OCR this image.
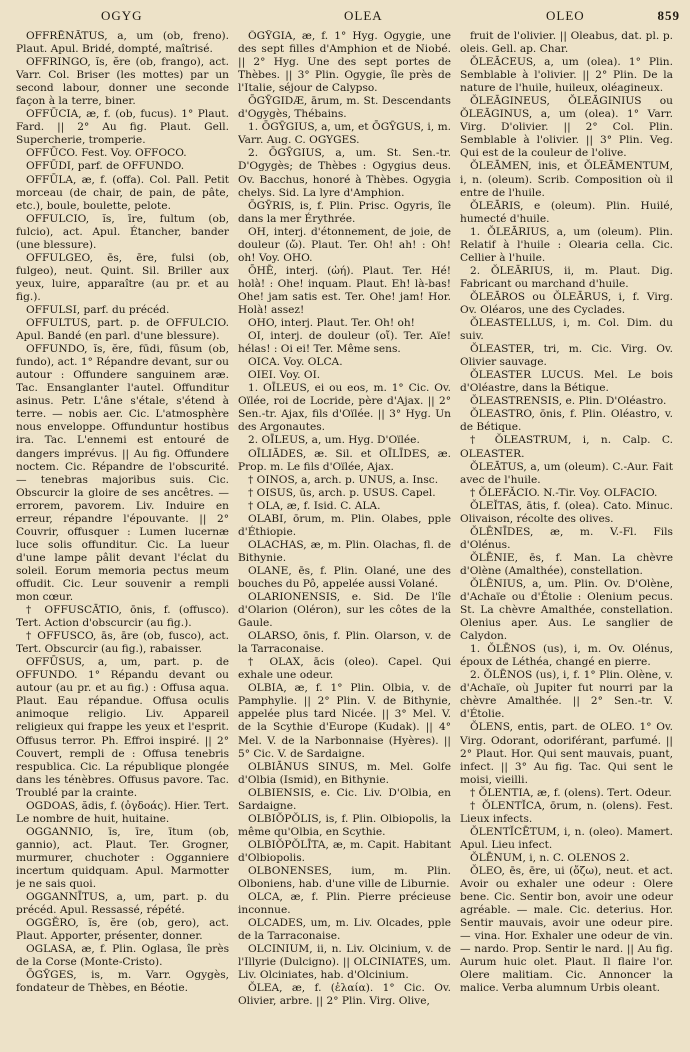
OGYG	OLEA	OLEO	859

OFFRĒNĀTUS, a, um (ob, freno). Plaut. Apul. Bridé, dompté, maîtrisé.

OFFRINGO, ĭs, ĕre (ob, frango), act. Varr. Col. Briser (les mottes) par un second labour, donner une seconde façon à la terre, biner.

OFFŪCIA, æ, f. (ob, fucus). 1° Plaut. Fard. || 2° Au fig. Plaut. Gell. Supercherie, tromperie.

OFFŪCO. Fest. Voy. OFFOCO.

OFFŪDI, parf. de OFFUNDO.

OFFŪLA, æ, f. (offa). Col. Pall. Petit morceau (de chair, de pain, de pâte, etc.), boule, boulette, pelote.

OFFULCIO, ĭs, īre, fultum (ob, fulcio), act. Apul. Étancher, bander (une blessure).

OFFULGEO, ēs, ēre, fulsi (ob, fulgeo), neut. Quint. Sil. Briller aux yeux, luire, apparaître (au pr. et au fig.).

OFFULSI, parf. du précéd.

OFFULTUS, part. p. de OFFULCIO. Apul. Bandé (en parl. d'une blessure).

OFFUNDO, ĭs, ĕre, fūdi, fūsum (ob, fundo), act. 1° Répandre devant, sur ou autour : Offundere sanguinem aræ. Tac. Ensanglanter l'autel. Offunditur asinus. Petr. L'âne s'étale, s'étend à terre. — nobis aer. Cic. L'atmosphère nous enveloppe. Offunduntur hostibus ira. Tac. L'ennemi est entouré de dangers imprévus. || Au fig. Offundere noctem. Cic. Répandre de l'obscurité. — tenebras majoribus suis. Cic. Obscurcir la gloire de ses ancêtres. — errorem, pavorem. Liv. Induire en erreur, répandre l'épouvante. || 2° Couvrir, offusquer : Lumen lucernæ luce solis offunditur. Cic. La lueur d'une lampe pâlit devant l'éclat du soleil. Eorum memoria pectus meum offudit. Cic. Leur souvenir a rempli mon cœur.

† OFFUSCĀTIO, ōnis, f. (offusco). Tert. Action d'obscurcir (au fig.).

† OFFUSCO, ās, āre (ob, fusco), act. Tert. Obscurcir (au fig.), rabaisser.

OFFŪSUS, a, um, part. p. de OFFUNDO. 1° Répandu devant ou autour (au pr. et au fig.) : Offusa aqua. Plaut. Eau répandue. Offusa oculis animoque religio. Liv. Appareil religieux qui frappe les yeux et l'esprit. Offusus terror. Ph. Effroi inspiré. || 2° Couvert, rempli de : Offusa tenebris respublica. Cic. La république plongée dans les ténèbres. Offusus pavore. Tac. Troublé par la crainte.

OGDOAS, ădis, f. (ὀγδοάς). Hier. Tert. Le nombre de huit, huitaine.

OGGANNIO, īs, īre, ītum (ob, gannio), act. Plaut. Ter. Grogner, murmurer, chuchoter : Ogganniere incertum quidquam. Apul. Marmotter je ne sais quoi.

OGGANNĪTUS, a, um, part. p. du précéd. Apul. Ressassé, répété.

OGGĔRO, ĭs, ĕre (ob, gero), act. Plaut. Apporter, présenter, donner.

OGLASA, æ, f. Plin. Oglasa, île près de la Corse (Monte-Cristo).

ŌGȲGES, is, m. Varr. Ogygès, fondateur de Thèbes, en Béotie.

ŌGȲGIA, æ, f. 1° Hyg. Ogygie, une des sept filles d'Amphion et de Niobé. || 2° Hyg. Une des sept portes de Thèbes. || 3° Plin. Ogygie, île près de l'Italie, séjour de Calypso.

ŌGȲGIDÆ, ārum, m. St. Descendants d'Ogygès, Thébains.

1. ŌGȲGIUS, a, um, et ŌGȲGUS, i, m. Varr. Aug. C. OGYGES.

2. ŌGȲGIUS, a, um. St. Sen.-tr. D'Ogygès; de Thèbes : Ogygius deus. Ov. Bacchus, honoré à Thèbes. Ogygia chelys. Sid. La lyre d'Amphion.

ŌGȲRIS, is, f. Plin. Prisc. Ogyris, île dans la mer Érythrée.

OH, interj. d'étonnement, de joie, de douleur (ὤ). Plaut. Ter. Oh! ah! : Oh! oh! Voy. OHO.

ŌHĒ, interj. (ὠή). Plaut. Ter. Hé! holà! : Ohe! inquam. Plaut. Eh! là-bas! Ohe! jam satis est. Ter. Ohe! jam! Hor. Holà! assez!

OHO, interj. Plaut. Ter. Oh! oh!

OI, interj. de douleur (οἴ). Ter. Aïe! hélas! : Oi ei! Ter. Même sens.

OICA. Voy. OLCA.

OIEI. Voy. OI.

1. OĪLEUS, ei ou eos, m. 1° Cic. Ov. Oïlée, roi de Locride, père d'Ajax. || 2° Sen.-tr. Ajax, fils d'Oïlée. || 3° Hyg. Un des Argonautes.

2. OĪLEUS, a, um. Hyg. D'Oïlée.

OĪLIĀDES, æ. Sil. et OĪLĪDES, æ. Prop. m. Le fils d'Oïlée, Ajax.

† OINOS, a, arch. p. UNUS, a. Insc.

† OISUS, ūs, arch. p. USUS. Capel.

† OLA, æ, f. Isid. C. ALA.

OLABI, ōrum, m. Plin. Olabes, pple d'Éthiopie.

OLACHAS, æ, m. Plin. Olachas, fl. de Bithynie.

OLANE, ēs, f. Plin. Olané, une des bouches du Pô, appelée aussi Volané.

OLARIONENSIS, e. Sid. De l'île d'Olarion (Oléron), sur les côtes de la Gaule.

OLARSO, ōnis, f. Plin. Olarson, v. de la Tarraconaise.

† OLAX, ācis (oleo). Capel. Qui exhale une odeur.

OLBIA, æ, f. 1° Plin. Olbia, v. de Pamphylie. || 2° Plin. V. de Bithynie, appelée plus tard Nicée. || 3° Mel. V. de la Scythie d'Europe (Kudak). || 4° Mel. V. de la Narbonnaise (Hyères). || 5° Cic. V. de Sardaigne.

OLBIĀNUS SINUS, m. Mel. Golfe d'Olbia (Ismid), en Bithynie.

OLBIENSIS, e. Cic. Liv. D'Olbia, en Sardaigne.

OLBIŎPŎLIS, is, f. Plin. Olbiopolis, la même qu'Olbia, en Scythie.

OLBIŎPŎLĪTA, æ, m. Capit. Habitant d'Olbiopolis.

OLBONENSES, ium, m. Plin. Olboniens, hab. d'une ville de Liburnie.

OLCA, æ, f. Plin. Pierre précieuse inconnue.

OLCADES, um, m. Liv. Olcades, pple de la Tarraconaise.

OLCINIUM, ii, n. Liv. Olcinium, v. de l'Illyrie (Dulcigno). || OLCINIATES, um. Liv. Olciniates, hab. d'Olcinium.

ŎLEA, æ, f. (ἐλαία). 1° Cic. Ov. Olivier, arbre. || 2° Plin. Virg. Olive,

fruit de l'olivier. || Oleabus, dat. pl. p. oleis. Gell. ap. Char.

ŎLEĀCEUS, a, um (olea). 1° Plin. Semblable à l'olivier. || 2° Plin. De la nature de l'huile, huileux, oléagineux.

ŎLEĀGINEUS, ŎLEĀGINIUS ou ŎLEĀGINUS, a, um (olea). 1° Varr. Virg. D'olivier. || 2° Col. Plin. Semblable à l'olivier. || 3° Plin. Veg. Qui est de la couleur de l'olive.

ŎLEĀMEN, inis, et ŎLEĀMENTUM, i, n. (oleum). Scrib. Composition où il entre de l'huile.

ŎLEĀRIS, e (oleum). Plin. Huilé, humecté d'huile.

1. ŎLEĀRIUS, a, um (oleum). Plin. Relatif à l'huile : Olearia cella. Cic. Cellier à l'huile.

2. ŎLEĀRIUS, ii, m. Plaut. Dig. Fabricant ou marchand d'huile.

ŎLEĀROS ou ŎLEĀRUS, i, f. Virg. Ov. Oléaros, une des Cyclades.

ŎLEASTELLUS, i, m. Col. Dim. du suiv.

ŎLEASTER, tri, m. Cic. Virg. Ov. Olivier sauvage.

ŎLEASTER LUCUS. Mel. Le bois d'Oléastre, dans la Bétique.

ŎLEASTRENSIS, e. Plin. D'Oléastro.

ŎLEASTRO, ōnis, f. Plin. Oléastro, v. de Bétique.

† ŎLEASTRUM, i, n. Calp. C. OLEASTER.

ŎLEĀTUS, a, um (oleum). C.-Aur. Fait avec de l'huile.

† ŎLEFĂCIO. N.-Tir. Voy. OLFACIO.

ŎLEĬTAS, ātis, f. (olea). Cato. Minuc. Olivaison, récolte des olives.

ŎLĒNĪDES, æ, m. V.-Fl. Fils d'Olénus.

ŎLĒNIE, ēs, f. Man. La chèvre d'Olène (Amalthée), constellation.

ŎLĒNIUS, a, um. Plin. Ov. D'Olène, d'Achaïe ou d'Étolie : Olenium pecus. St. La chèvre Amalthée, constellation. Olenius aper. Aus. Le sanglier de Calydon.

1. ŎLĒNOS (us), i, m. Ov. Olénus, époux de Léthéa, changé en pierre.

2. ŎLĒNOS (us), i, f. 1° Plin. Olène, v. d'Achaïe, où Jupiter fut nourri par la chèvre Amalthée. || 2° Sen.-tr. V. d'Étolie.

ŎLENS, entis, part. de OLEO. 1° Ov. Virg. Odorant, odoriférant, parfumé. || 2° Plaut. Hor. Qui sent mauvais, puant, infect. || 3° Au fig. Tac. Qui sent le moisi, vieilli.

† ŎLENTIA, æ, f. (olens). Tert. Odeur.

† ŎLENTĬCA, ōrum, n. (olens). Fest. Lieux infects.

ŎLENTĬCĒTUM, i, n. (oleo). Mamert. Apul. Lieu infect.

ŎLĒNUM, i, n. C. OLENOS 2.

ŎLEO, ēs, ēre, ui (ὄζω), neut. et act. Avoir ou exhaler une odeur : Olere bene. Cic. Sentir bon, avoir une odeur agréable. — male. Cic. deterius. Hor. Sentir mauvais, avoir une odeur pire. — vina. Hor. Exhaler une odeur de vin. — nardo. Prop. Sentir le nard. || Au fig. Aurum huic olet. Plaut. Il flaire l'or. Olere malitiam. Cic. Annoncer la malice. Verba alumnum Urbis oleant.
